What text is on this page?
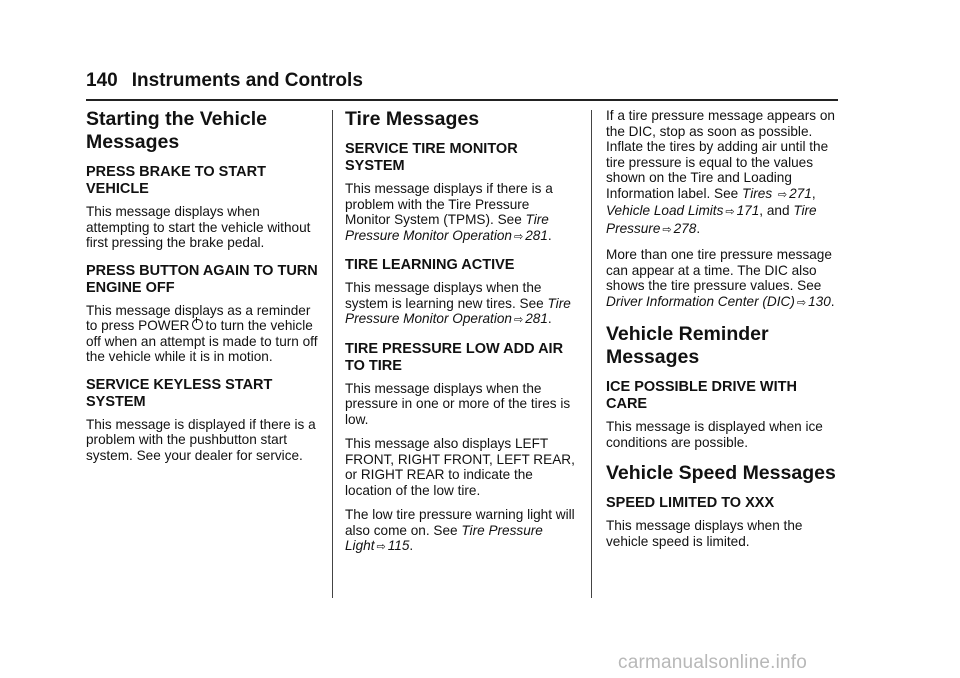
140 Instruments and Controls
Starting the Vehicle Messages
PRESS BRAKE TO START VEHICLE

This message displays when attempting to start the vehicle without first pressing the brake pedal.

PRESS BUTTON AGAIN TO TURN ENGINE OFF

This message displays as a reminder to press POWER to turn the vehicle off when an attempt is made to turn off the vehicle while it is in motion.

SERVICE KEYLESS START SYSTEM

This message is displayed if there is a problem with the pushbutton start system. See your dealer for service.

Tire Messages
SERVICE TIRE MONITOR SYSTEM

This message displays if there is a problem with the Tire Pressure Monitor System (TPMS). See Tire Pressure Monitor Operation ⇨ 281.

TIRE LEARNING ACTIVE

This message displays when the system is learning new tires. See Tire Pressure Monitor Operation ⇨ 281.

TIRE PRESSURE LOW ADD AIR TO TIRE

This message displays when the pressure in one or more of the tires is low.

This message also displays LEFT FRONT, RIGHT FRONT, LEFT REAR, or RIGHT REAR to indicate the location of the low tire.

The low tire pressure warning light will also come on. See Tire Pressure Light ⇨ 115.

If a tire pressure message appears on the DIC, stop as soon as possible. Inflate the tires by adding air until the tire pressure is equal to the values shown on the Tire and Loading Information label. See Tires ⇨ 271, Vehicle Load Limits ⇨ 171, and Tire Pressure ⇨ 278.

More than one tire pressure message can appear at a time. The DIC also shows the tire pressure values. See Driver Information Center (DIC) ⇨ 130.

Vehicle Reminder Messages
ICE POSSIBLE DRIVE WITH CARE

This message is displayed when ice conditions are possible.

Vehicle Speed Messages
SPEED LIMITED TO XXX

This message displays when the vehicle speed is limited.

carmanualsonline.info
